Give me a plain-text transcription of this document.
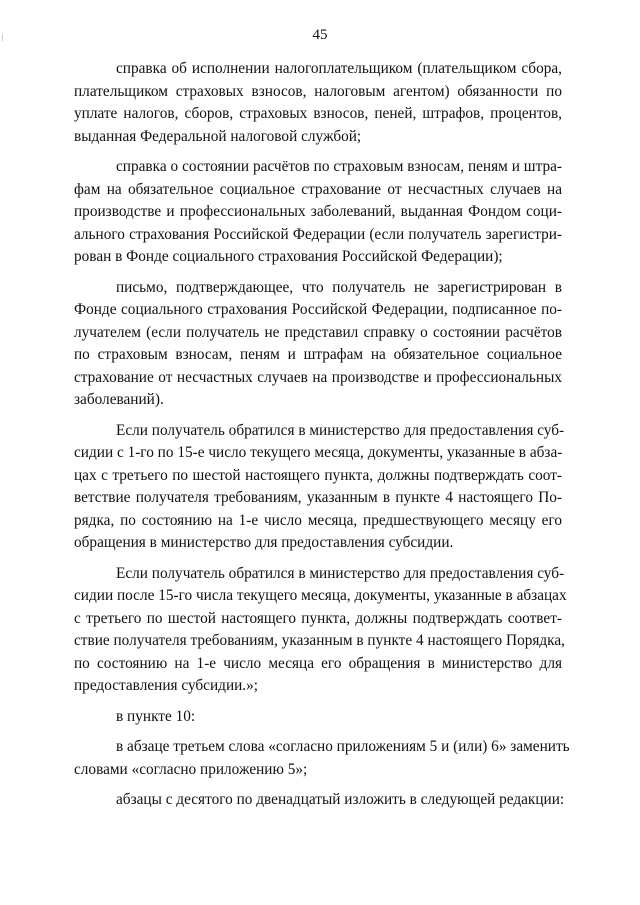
45
справка об исполнении налогоплательщиком (плательщиком сбора,
плательщиком страховых взносов, налоговым агентом) обязанности по
уплате налогов, сборов, страховых взносов, пеней, штрафов, процентов,
выданная Федеральной налоговой службой;
справка о состоянии расчётов по страховым взносам, пеням и штра-
фам на обязательное социальное страхование от несчастных случаев на
производстве и профессиональных заболеваний, выданная Фондом соци-
ального страхования Российской Федерации (если получатель зарегистри-
рован в Фонде социального страхования Российской Федерации);
письмо, подтверждающее, что получатель не зарегистрирован в
Фонде социального страхования Российской Федерации, подписанное по-
лучателем (если получатель не представил справку о состоянии расчётов
по страховым взносам, пеням и штрафам на обязательное социальное
страхование от несчастных случаев на производстве и профессиональных
заболеваний).
Если получатель обратился в министерство для предоставления суб-
сидии с 1-го по 15-е число текущего месяца, документы, указанные в абза-
цах с третьего по шестой настоящего пункта, должны подтверждать соот-
ветствие получателя требованиям, указанным в пункте 4 настоящего По-
рядка, по состоянию на 1-е число месяца, предшествующего месяцу его
обращения в министерство для предоставления субсидии.
Если получатель обратился в министерство для предоставления суб-
сидии после 15-го числа текущего месяца, документы, указанные в абзацах
с третьего по шестой настоящего пункта, должны подтверждать соответ-
ствие получателя требованиям, указанным в пункте 4 настоящего Порядка,
по состоянию на 1-е число месяца его обращения в министерство для
предоставления субсидии.»;
в пункте 10:
в абзаце третьем слова «согласно приложениям 5 и (или) 6» заменить
словами «согласно приложению 5»;
абзацы с десятого по двенадцатый изложить в следующей редакции:
